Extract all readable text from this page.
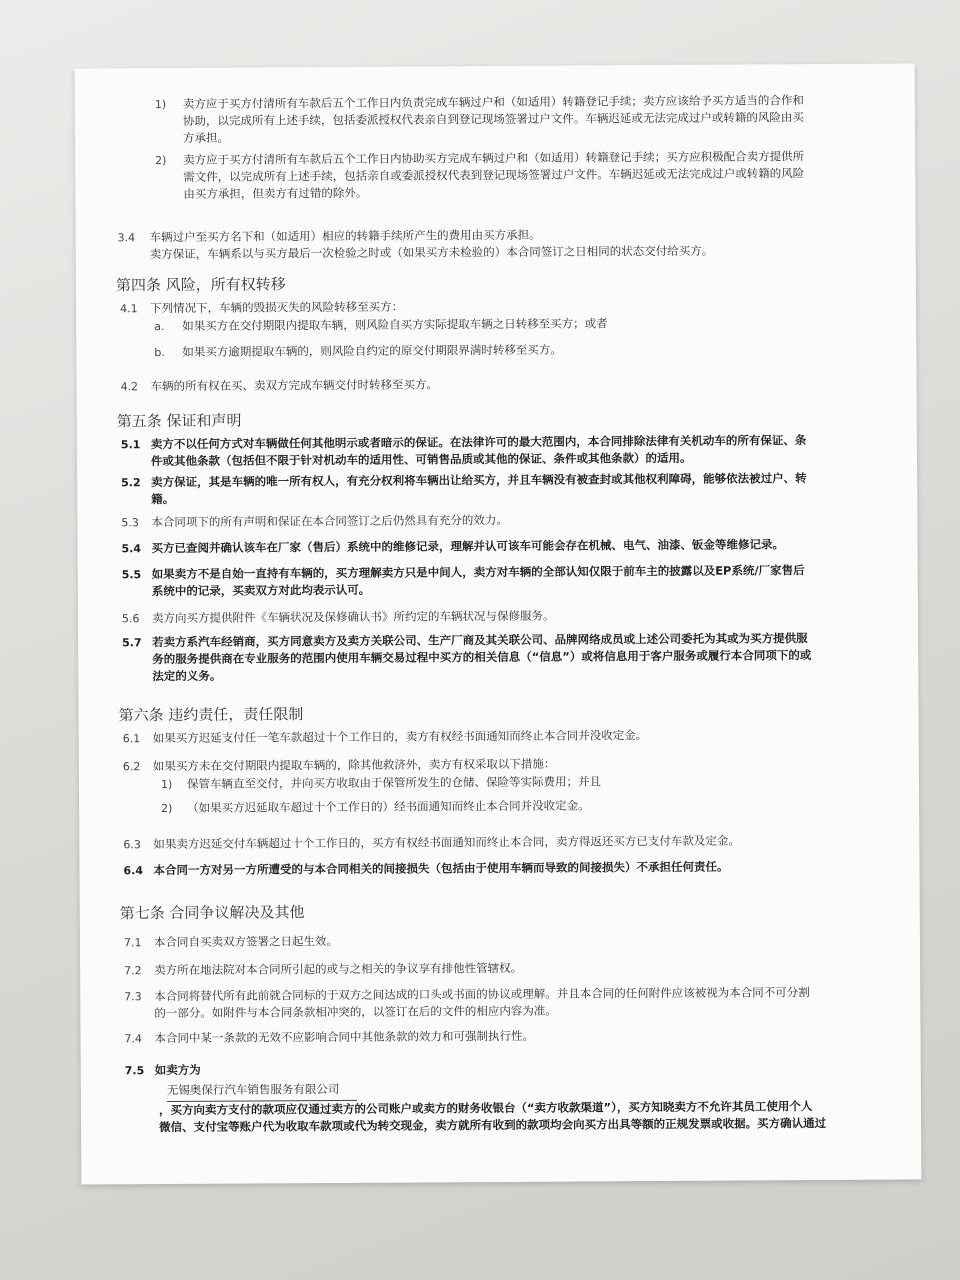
1) 卖方应于买方付清所有车款后五个工作日内负责完成车辆过户和（如适用）转籍登记手续；卖方应该给予买方适当的合作和
协助，以完成所有上述手续，包括委派授权代表亲自到登记现场签署过户文件。车辆迟延或无法完成过户或转籍的风险由买
方承担。
2) 卖方应于买方付清所有车款后五个工作日内协助买方完成车辆过户和（如适用）转籍登记手续；买方应积极配合卖方提供所
需文件，以完成所有上述手续，包括亲自或委派授权代表到登记现场签署过户文件。车辆迟延或无法完成过户或转籍的风险
由买方承担，但卖方有过错的除外。
3.4 车辆过户至买方名下和（如适用）相应的转籍手续所产生的费用由买方承担。
卖方保证，车辆系以与买方最后一次检验之时或（如果买方未检验的）本合同签订之日相同的状态交付给买方。
第四条 风险，所有权转移
4.1 下列情况下，车辆的毁损灭失的风险转移至买方：
a. 如果买方在交付期限内提取车辆，则风险自买方实际提取车辆之日转移至买方；或者
b. 如果买方逾期提取车辆的，则风险自约定的原交付期限界满时转移至买方。
4.2 车辆的所有权在买、卖双方完成车辆交付时转移至买方。
第五条 保证和声明
5.1 卖方不以任何方式对车辆做任何其他明示或者暗示的保证。在法律许可的最大范围内，本合同排除法律有关机动车的所有保证、条
件或其他条款（包括但不限于针对机动车的适用性、可销售品质或其他的保证、条件或其他条款）的适用。
5.2 卖方保证，其是车辆的唯一所有权人，有充分权利将车辆出让给买方，并且车辆没有被查封或其他权利障碍，能够依法被过户、转
籍。
5.3 本合同项下的所有声明和保证在本合同签订之后仍然具有充分的效力。
5.4 买方已查阅并确认该车在厂家（售后）系统中的维修记录，理解并认可该车可能会存在机械、电气、油漆、钣金等维修记录。
5.5 如果卖方不是自始一直持有车辆的，买方理解卖方只是中间人，卖方对车辆的全部认知仅限于前车主的披露以及EP系统/厂家售后
系统中的记录，买卖双方对此均表示认可。
5.6 卖方向买方提供附件《车辆状况及保修确认书》所约定的车辆状况与保修服务。
5.7 若卖方系汽车经销商，买方同意卖方及卖方关联公司、生产厂商及其关联公司、品牌网络成员或上述公司委托为其或为买方提供服
务的服务提供商在专业服务的范围内使用车辆交易过程中买方的相关信息（“信息”）或将信息用于客户服务或履行本合同项下的或
法定的义务。
第六条 违约责任，责任限制
6.1 如果买方迟延支付任一笔车款超过十个工作日的，卖方有权经书面通知而终止本合同并没收定金。
6.2 如果买方未在交付期限内提取车辆的，除其他救济外，卖方有权采取以下措施：
1) 保管车辆直至交付，并向买方收取由于保管所发生的仓储、保险等实际费用；并且
2) （如果买方迟延取车超过十个工作日的）经书面通知而终止本合同并没收定金。
6.3 如果卖方迟延交付车辆超过十个工作日的，买方有权经书面通知而终止本合同，卖方得返还买方已支付车款及定金。
6.4 本合同一方对另一方所遭受的与本合同相关的间接损失（包括由于使用车辆而导致的间接损失）不承担任何责任。
第七条 合同争议解决及其他
7.1 本合同自买卖双方签署之日起生效。
7.2 卖方所在地法院对本合同所引起的或与之相关的争议享有排他性管辖权。
7.3 本合同将替代所有此前就合同标的于双方之间达成的口头或书面的协议或理解。并且本合同的任何附件应该被视为本合同不可分割
的一部分。如附件与本合同条款相冲突的，以签订在后的文件的相应内容为准。
7.4 本合同中某一条款的无效不应影响合同中其他条款的效力和可强制执行性。
7.5 如卖方为
无锡奥保行汽车销售服务有限公司
，买方向卖方支付的款项应仅通过卖方的公司账户或卖方的财务收银台（“卖方收款渠道”），买方知晓卖方不允许其员工使用个人
微信、支付宝等账户代为收取车款项或代为转交现金，卖方就所有收到的款项均会向买方出具等额的正规发票或收据。买方确认通过
